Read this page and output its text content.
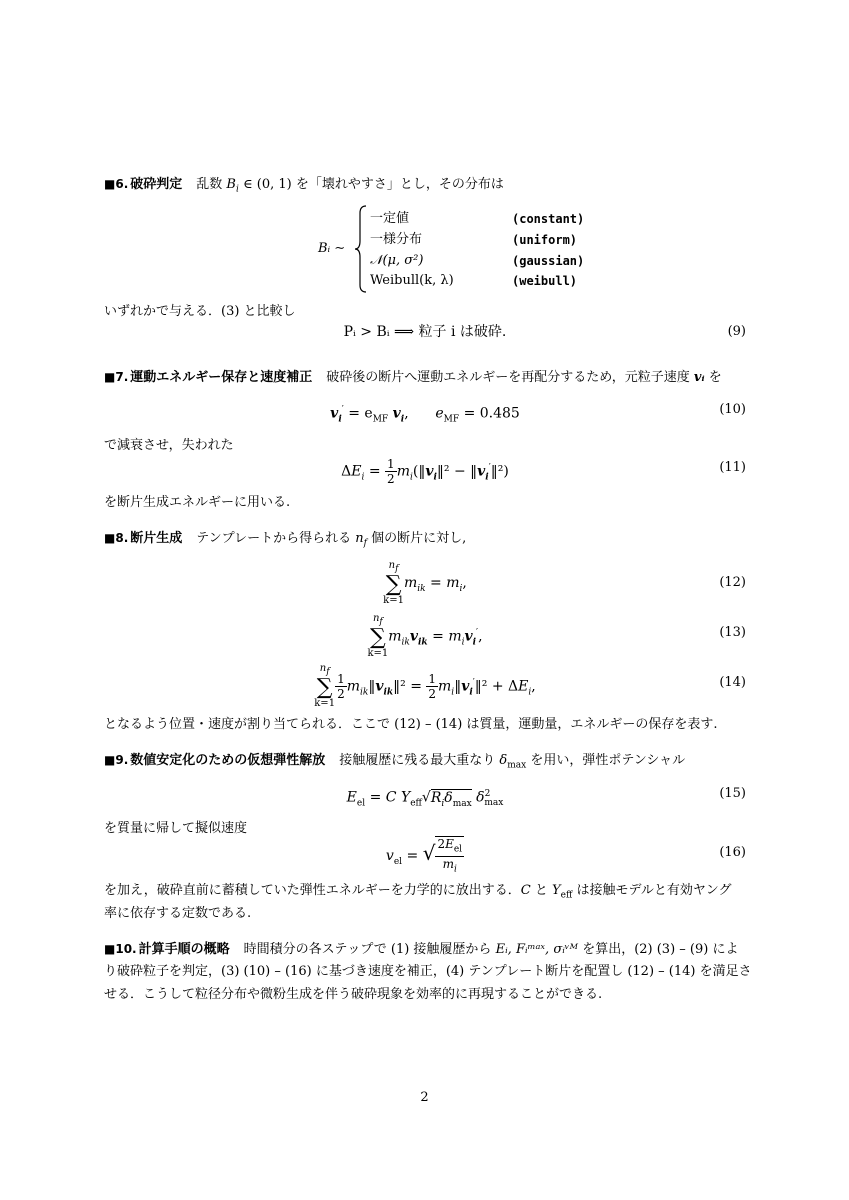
■6. 破砕判定 乱数 $B_i$ ∈ (0, 1) を「壊れやすさ」とし，その分布は
Bᵢ ∼
一定値	(constant)
一様分布	(uniform)
𝒩(μ, σ²)	(gaussian)
Weibull(k, λ)	(weibull)
いずれかで与える．(3) と比較し
Pᵢ > Bᵢ ⟹ 粒子 i は破砕.	(9)
■7. 運動エネルギー保存と速度補正 破砕後の断片へ運動エネルギーを再配分するため，元粒子速度 vᵢ を
$v_i' = e_{MF}$ $v_i$,      $e_{MF} = 0.485$	(10)
で減衰させ，失われた
$\Delta E_i = \frac{1}{2}$ $m_i(‖v_i‖^2$ − $‖v_i'‖^2$)	(11)
を断片生成エネルギーに用いる.
■8. 断片生成 テンプレートから得られる $n_f$ 個の断片に対し,
$n_f$
∑
$k=1m_{ik} = m_i$,	(12)
$n_f$
∑
$k=1m_{ik}v_{ik} = m_iv_i'$,	(13)
$n_f$
∑
k=1
$\frac{1}{2}$ $m_{ik}‖v_{ik}‖^2 = \frac{1}{2}$ $m_i‖v_i'‖^2 + \Delta E_i$,	(14)
となるよう位置・速度が割り当てられる．ここで (12) – (14) は質量，運動量，エネルギーの保存を表す.
■9. 数値安定化のための仮想弾性解放 接触履歴に残る最大重なり $\delta_{max}$ を用い，弾性ポテンシャル
$E_{el} = C$ $Y_{eff}√R_i\delta_{max}$ $\delta^2_{max}$
(15)
を質量に帰して擬似速度
$v_{el}$ = √ $\frac{2E_{el}}{m_i}$	(16)
を加え，破砕直前に蓄積していた弾性エネルギーを力学的に放出する．C と $Y_{eff}$ は接触モデルと有効ヤング
率に依存する定数である.
■10. 計算手順の概略 時間積分の各ステップで (1) 接触履歴から Eᵢ, Fᵢᵐᵃˣ, σᵢᵛᴹ を算出，(2) (3) – (9) によ
り破砕粒子を判定，(3) (10) – (16) に基づき速度を補正，(4) テンプレート断片を配置し (12) – (14) を満足さ
せる．こうして粒径分布や微粉生成を伴う破砕現象を効率的に再現することができる.
2
